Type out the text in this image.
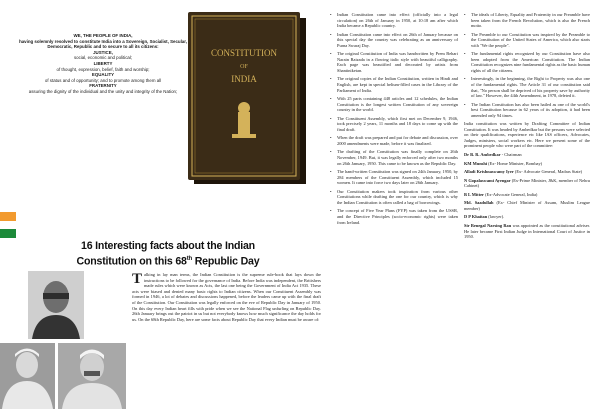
WE, THE PEOPLE OF INDIA,
having solemnly resolved to constitute India into a Sovereign, Socialist, Secular, Democratic, Republic and to secure to all its citizens:
JUSTICE,
social, economic and political;
LIBERTY
of thought, expression, belief, faith and worship;
EQUALITY
of status and of opportunity; and to promote among them all
FRATERNITY
assuring the dignity of the individual and the unity and integrity of the Nation;
CONSTITUTION
OF
INDIA
16 Interesting facts about the Indian
Constitution on this 68th Republic Day
Talking in lay man terms, the Indian Constitution is the supreme rule-book that lays down the instructions to be followed for the governance of India. Before India was independent, the Britishers made rules which were known as Acts, the last one being the Government of India Act 1935. These acts were biased and denied many basic rights to Indian citizens. When our Constituent Assembly was formed in 1946, a lot of debates and discussions happened, before the leaders came up with the final draft of the Constitution. Our Constitution was legally enforced on the eve of Republic Day in January of 1950. On this day every Indian heart fills with pride when we see the National Flag unfurling on Republic Day. 26th January brings out the patriot in us but not everybody knows how much significance the day holds for us. On the 68th Republic Day, here are some facts about Republic Day that every Indian must be aware of:
• Indian Constitution came into effect (officially into a legal circulation) on 26th of January in 1950, at 10:18 am after which India became a Republic country.
• Indian Constitution came into effect on 26th of January because on this special day the country was celebrating as an anniversary of Purna Swaraj Day.
• The original Constitution of India was handwritten by Prem Behari Narain Raizada in a flowing italic style with beautiful calligraphy. Each page was beautified and decorated by artists from Shantiniketan.
• The original copies of the Indian Constitution, written in Hindi and English, are kept in special helium-filled cases in the Library of the Parliament of India.
• With 25 parts containing 448 articles and 12 schedules, the Indian Constitution is the longest written Constitution of any sovereign country in the world.
• The Constituent Assembly, which first met on December 9, 1946, took precisely 2 years, 11 months and 18 days to come up with the final draft.
• When the draft was prepared and put for debate and discussion, over 2000 amendments were made, before it was finalized.
• The drafting of the Constitution was finally complete on 26th November, 1949. But, it was legally enforced only after two months on 26th January, 1950. This came to be known as the Republic Day.
• The hand-written Constitution was signed on 24th January, 1950, by 284 members of the Constituent Assembly, which included 15 women. It came into force two days later on 26th January.
• Our Constitution makers took inspiration from various other Constitutions while drafting the one for our country, which is why the Indian Constitution is often called a bag of borrowings.
• The concept of Five Year Plans (FYP) was taken from the USSR, and the Directive Principles (socio-economic rights) were taken from Ireland.
• The ideals of Liberty, Equality and Fraternity in our Preamble have been taken from the French Revolution, which is also the French motto.
• The Preamble to our Constitution was inspired by the Preamble to the Constitution of the United States of America, which also starts with "We the people".
• The fundamental rights recognized by our Constitution have also been adopted from the American Constitution. The Indian Constitution recognizes nine fundamental rights as the basic human rights of all the citizens.
• Interestingly, in the beginning, the Right to Property was also one of the fundamental rights. The Article 31 of our constitution said that, "No person shall be deprived of his property save by authority of law." However, the 44th Amendment, in 1978, deleted it.
• The Indian Constitution has also been hailed as one of the world's best Constitution because in 62 years of its adoption, it had been amended only 94 times.

India constitution was written by Drafting Committee of Indian Constitution. It was headed by Ambedkar but the persons were selected on their qualifications, experience etc like IAS officers, Advocates, Judges, ministers, social workers etc. Here we present some of the prominent people who were part of the committee:

Dr B. R. Ambedkar - Chairman
KM Munshi (Ex- Home Minister, Bombay)
Alladi Krishnaswamy Iyer (Ex- Advocate General, Madras State)
N Gopalaswami Ayengar (Ex-Prime Minister, J&K, member of Nehru Cabinet)
B L Mitter (Ex-Advocate General, India)
Md. Saadullah (Ex- Chief Minister of Assam, Muslim League member)
D P Khaitan (lawyer).
Sir Benegal Narsing Rau was appointed as the constitutional adviser. He later became First Indian Judge in International Court of Justice in 1950.
